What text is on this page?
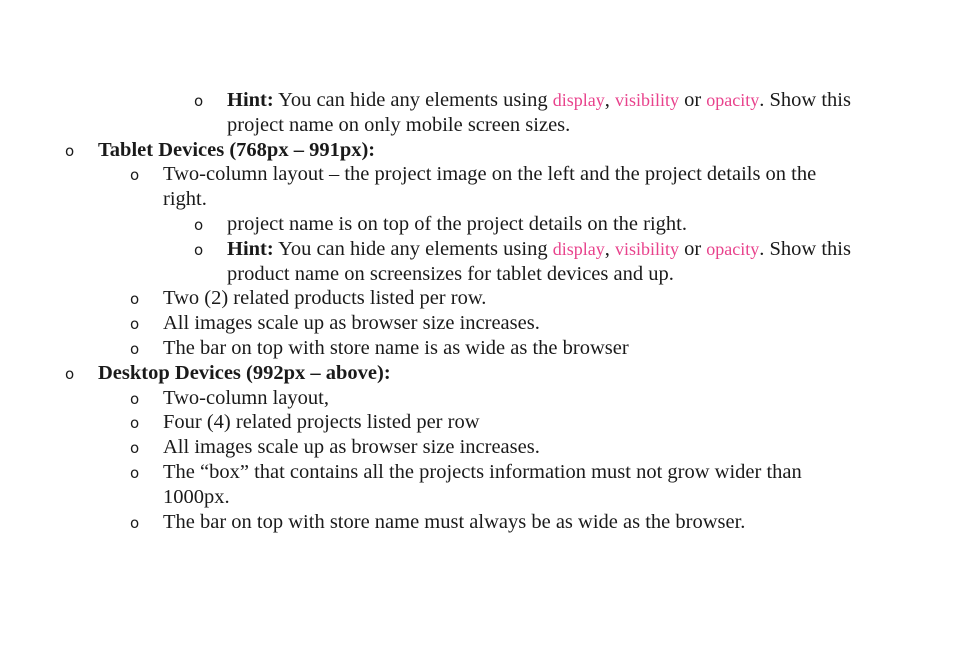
o Hint: You can hide any elements using display, visibility or opacity. Show this project name on only mobile screen sizes.
o Tablet Devices (768px – 991px):
o Two-column layout – the project image on the left and the project details on the right.
o project name is on top of the project details on the right.
o Hint: You can hide any elements using display, visibility or opacity. Show this product name on screensizes for tablet devices and up.
o Two (2) related products listed per row.
o All images scale up as browser size increases.
o The bar on top with store name is as wide as the browser
o Desktop Devices (992px – above):
o Two-column layout,
o Four (4) related projects listed per row
o All images scale up as browser size increases.
o The “box” that contains all the projects information must not grow wider than 1000px.
o The bar on top with store name must always be as wide as the browser.
